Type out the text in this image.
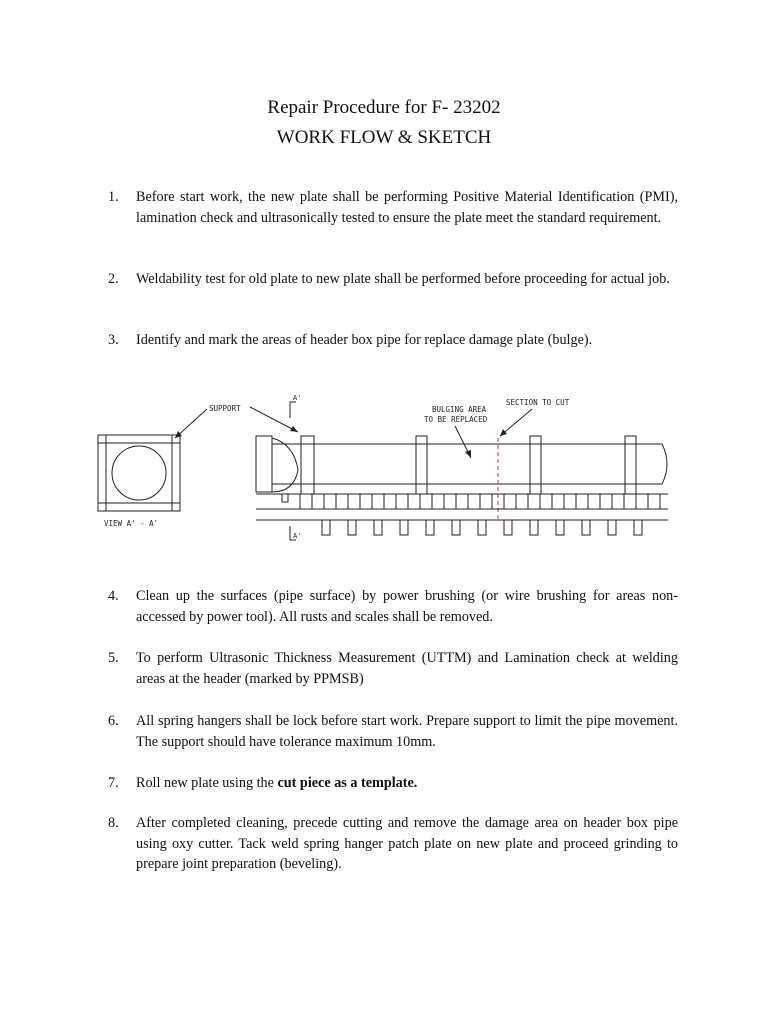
Repair Procedure for F- 23202
WORK FLOW & SKETCH
1. Before start work, the new plate shall be performing Positive Material Identification (PMI), lamination check and ultrasonically tested to ensure the plate meet the standard requirement.
2. Weldability test for old plate to new plate shall be performed before proceeding for actual job.
3. Identify and mark the areas of header box pipe for replace damage plate (bulge).
VIEW A' - A'
SUPPORT
A'
A'
BULGING AREA
TO BE REPLACED
SECTION TO CUT
4. Clean up the surfaces (pipe surface) by power brushing (or wire brushing for areas non-accessed by power tool). All rusts and scales shall be removed.
5. To perform Ultrasonic Thickness Measurement (UTTM) and Lamination check at welding areas at the header (marked by PPMSB)
6. All spring hangers shall be lock before start work. Prepare support to limit the pipe movement. The support should have tolerance maximum 10mm.
7. Roll new plate using the cut piece as a template.
8. After completed cleaning, precede cutting and remove the damage area on header box pipe using oxy cutter. Tack weld spring hanger patch plate on new plate and proceed grinding to prepare joint preparation (beveling).
